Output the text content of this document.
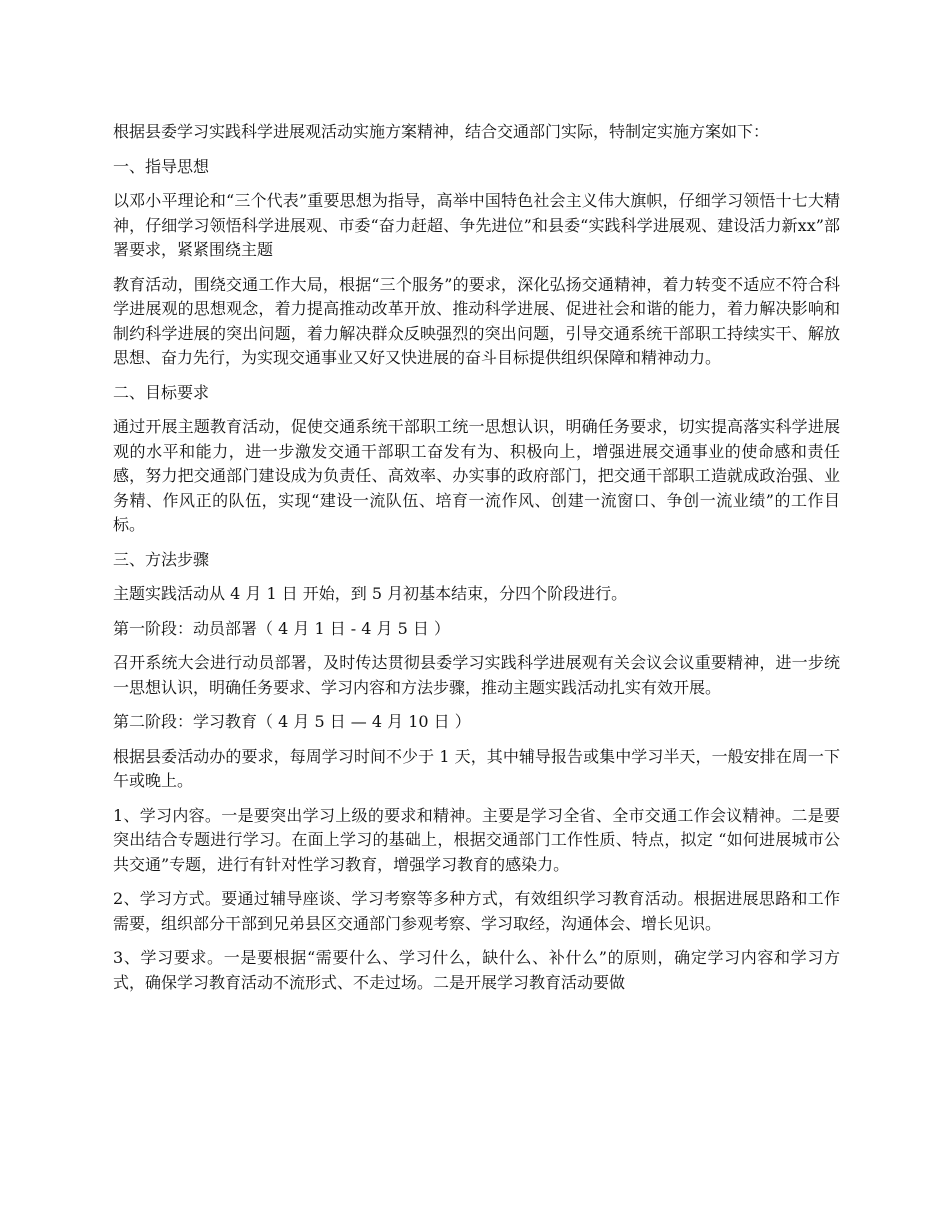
根据县委学习实践科学进展观活动实施方案精神，结合交通部门实际，特制定实施方案如下：

一、指导思想

以邓小平理论和“三个代表”重要思想为指导，高举中国特色社会主义伟大旗帜，仔细学习领悟十七大精神，仔细学习领悟科学进展观、市委“奋力赶超、争先进位”和县委“实践科学进展观、建设活力新xx”部署要求，紧紧围绕主题

教育活动，围绕交通工作大局，根据“三个服务”的要求，深化弘扬交通精神，着力转变不适应不符合科学进展观的思想观念，着力提高推动改革开放、推动科学进展、促进社会和谐的能力，着力解决影响和制约科学进展的突出问题，着力解决群众反映强烈的突出问题，引导交通系统干部职工持续实干、解放思想、奋力先行，为实现交通事业又好又快进展的奋斗目标提供组织保障和精神动力。

二、目标要求

通过开展主题教育活动，促使交通系统干部职工统一思想认识，明确任务要求，切实提高落实科学进展观的水平和能力，进一步激发交通干部职工奋发有为、积极向上，增强进展交通事业的使命感和责任感，努力把交通部门建设成为负责任、高效率、办实事的政府部门，把交通干部职工造就成政治强、业务精、作风正的队伍，实现“建设一流队伍、培育一流作风、创建一流窗口、争创一流业绩”的工作目标。

三、方法步骤

主题实践活动从 4 月 1 日 开始，到 5 月初基本结束，分四个阶段进行。

第一阶段：动员部署（ 4 月 1 日 - 4 月 5 日 ）

召开系统大会进行动员部署，及时传达贯彻县委学习实践科学进展观有关会议会议重要精神，进一步统一思想认识，明确任务要求、学习内容和方法步骤，推动主题实践活动扎实有效开展。

第二阶段：学习教育（ 4 月 5 日 — 4 月 10 日 ）

根据县委活动办的要求，每周学习时间不少于 1 天，其中辅导报告或集中学习半天，一般安排在周一下午或晚上。

1、学习内容。一是要突出学习上级的要求和精神。主要是学习全省、全市交通工作会议精神。二是要突出结合专题进行学习。在面上学习的基础上，根据交通部门工作性质、特点，拟定 “如何进展城市公共交通”专题，进行有针对性学习教育，增强学习教育的感染力。

2、学习方式。要通过辅导座谈、学习考察等多种方式，有效组织学习教育活动。根据进展思路和工作需要，组织部分干部到兄弟县区交通部门参观考察、学习取经，沟通体会、增长见识。

3、学习要求。一是要根据“需要什么、学习什么，缺什么、补什么”的原则，确定学习内容和学习方式，确保学习教育活动不流形式、不走过场。二是开展学习教育活动要做
